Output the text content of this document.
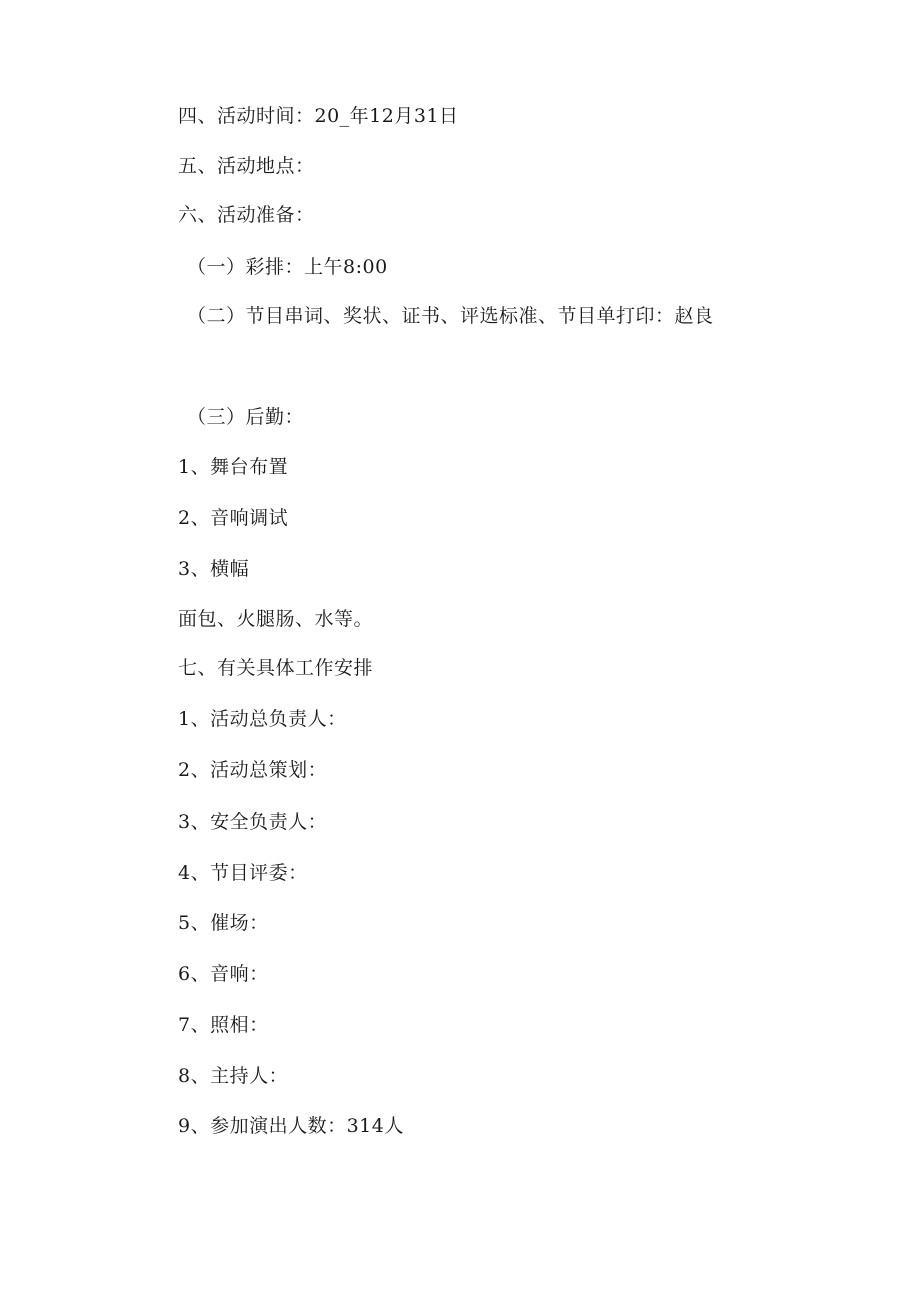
四、活动时间：20_年12月31日
五、活动地点：
六、活动准备：
（一）彩排：上午8:00
（二）节目串词、奖状、证书、评选标准、节目单打印：赵良
（三）后勤：
1、舞台布置
2、音响调试
3、横幅
面包、火腿肠、水等。
七、有关具体工作安排
1、活动总负责人：
2、活动总策划：
3、安全负责人：
4、节目评委：
5、催场：
6、音响：
7、照相：
8、主持人：
9、参加演出人数：314人
